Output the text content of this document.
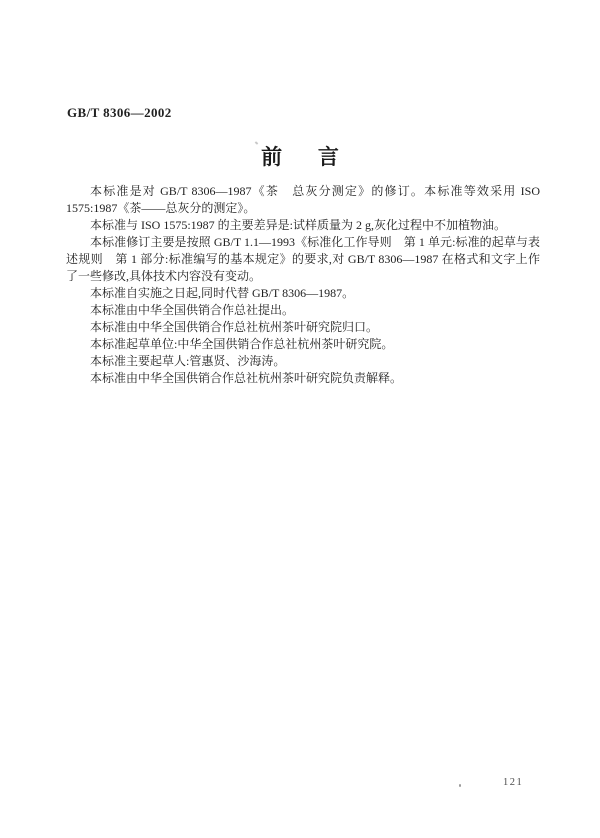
GB/T 8306—2002
前言

本标准是对 GB/T 8306—1987《茶　总灰分测定》的修订。本标准等效采用 ISO 1575:1987《茶——总灰分的测定》。

本标准与 ISO 1575:1987 的主要差异是:试样质量为 2 g,灰化过程中不加植物油。

本标准修订主要是按照 GB/T 1.1—1993《标准化工作导则　第 1 单元:标准的起草与表述规则　第 1 部分:标准编写的基本规定》的要求,对 GB/T 8306—1987 在格式和文字上作了一些修改,具体技术内容没有变动。

本标准自实施之日起,同时代替 GB/T 8306—1987。

本标准由中华全国供销合作总社提出。

本标准由中华全国供销合作总社杭州茶叶研究院归口。

本标准起草单位:中华全国供销合作总社杭州茶叶研究院。

本标准主要起草人:管惠贤、沙海涛。

本标准由中华全国供销合作总社杭州茶叶研究院负责解释。

121
